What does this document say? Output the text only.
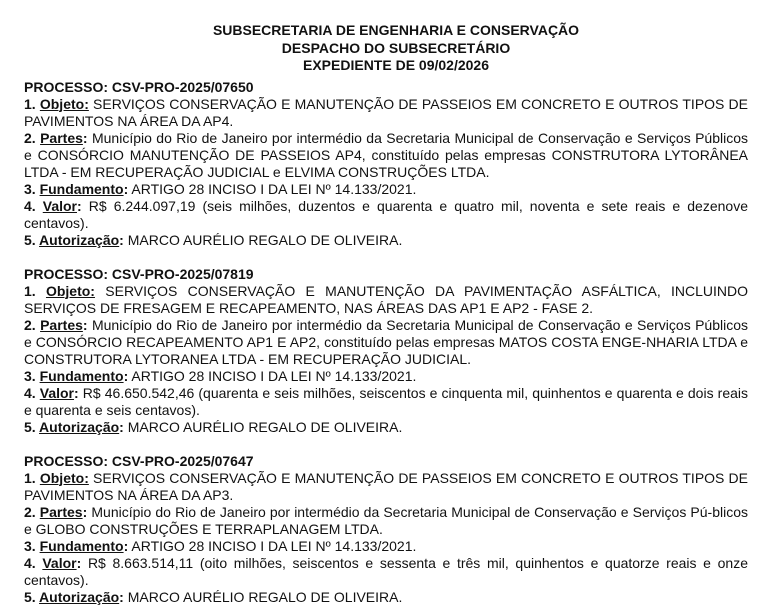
SUBSECRETARIA DE ENGENHARIA E CONSERVAÇÃO
DESPACHO DO SUBSECRETÁRIO
EXPEDIENTE DE 09/02/2026

PROCESSO: CSV-PRO-2025/07650

1. Objeto: SERVIÇOS CONSERVAÇÃO E MANUTENÇÃO DE PASSEIOS EM CONCRETO E OUTROS TIPOS DE PAVIMENTOS NA ÁREA DA AP4.

2. Partes: Município do Rio de Janeiro por intermédio da Secretaria Municipal de Conservação e Serviços Públicos e CONSÓRCIO MANUTENÇÃO DE PASSEIOS AP4, constituído pelas empresas CONSTRUTORA LYTORÂNEA LTDA - EM RECUPERAÇÃO JUDICIAL e ELVIMA CONSTRUÇÕES LTDA.

3. Fundamento: ARTIGO 28 INCISO I DA LEI Nº 14.133/2021.

4. Valor: R$ 6.244.097,19 (seis milhões, duzentos e quarenta e quatro mil, noventa e sete reais e dezenove centavos).

5. Autorização: MARCO AURÉLIO REGALO DE OLIVEIRA.

PROCESSO: CSV-PRO-2025/07819

1. Objeto: SERVIÇOS CONSERVAÇÃO E MANUTENÇÃO DA PAVIMENTAÇÃO ASFÁLTICA, INCLUINDO SERVIÇOS DE FRESAGEM E RECAPEAMENTO, NAS ÁREAS DAS AP1 E AP2 - FASE 2.

2. Partes: Município do Rio de Janeiro por intermédio da Secretaria Municipal de Conservação e Serviços Públicos e CONSÓRCIO RECAPEAMENTO AP1 E AP2, constituído pelas empresas MATOS COSTA ENGE-NHARIA LTDA e CONSTRUTORA LYTORANEA LTDA - EM RECUPERAÇÃO JUDICIAL.

3. Fundamento: ARTIGO 28 INCISO I DA LEI Nº 14.133/2021.

4. Valor: R$ 46.650.542,46 (quarenta e seis milhões, seiscentos e cinquenta mil, quinhentos e quarenta e dois reais e quarenta e seis centavos).

5. Autorização: MARCO AURÉLIO REGALO DE OLIVEIRA.

PROCESSO: CSV-PRO-2025/07647

1. Objeto: SERVIÇOS CONSERVAÇÃO E MANUTENÇÃO DE PASSEIOS EM CONCRETO E OUTROS TIPOS DE PAVIMENTOS NA ÁREA DA AP3.

2. Partes: Município do Rio de Janeiro por intermédio da Secretaria Municipal de Conservação e Serviços Pú-blicos e GLOBO CONSTRUÇÕES E TERRAPLANAGEM LTDA.

3. Fundamento: ARTIGO 28 INCISO I DA LEI Nº 14.133/2021.

4. Valor: R$ 8.663.514,11 (oito milhões, seiscentos e sessenta e três mil, quinhentos e quatorze reais e onze centavos).

5. Autorização: MARCO AURÉLIO REGALO DE OLIVEIRA.
